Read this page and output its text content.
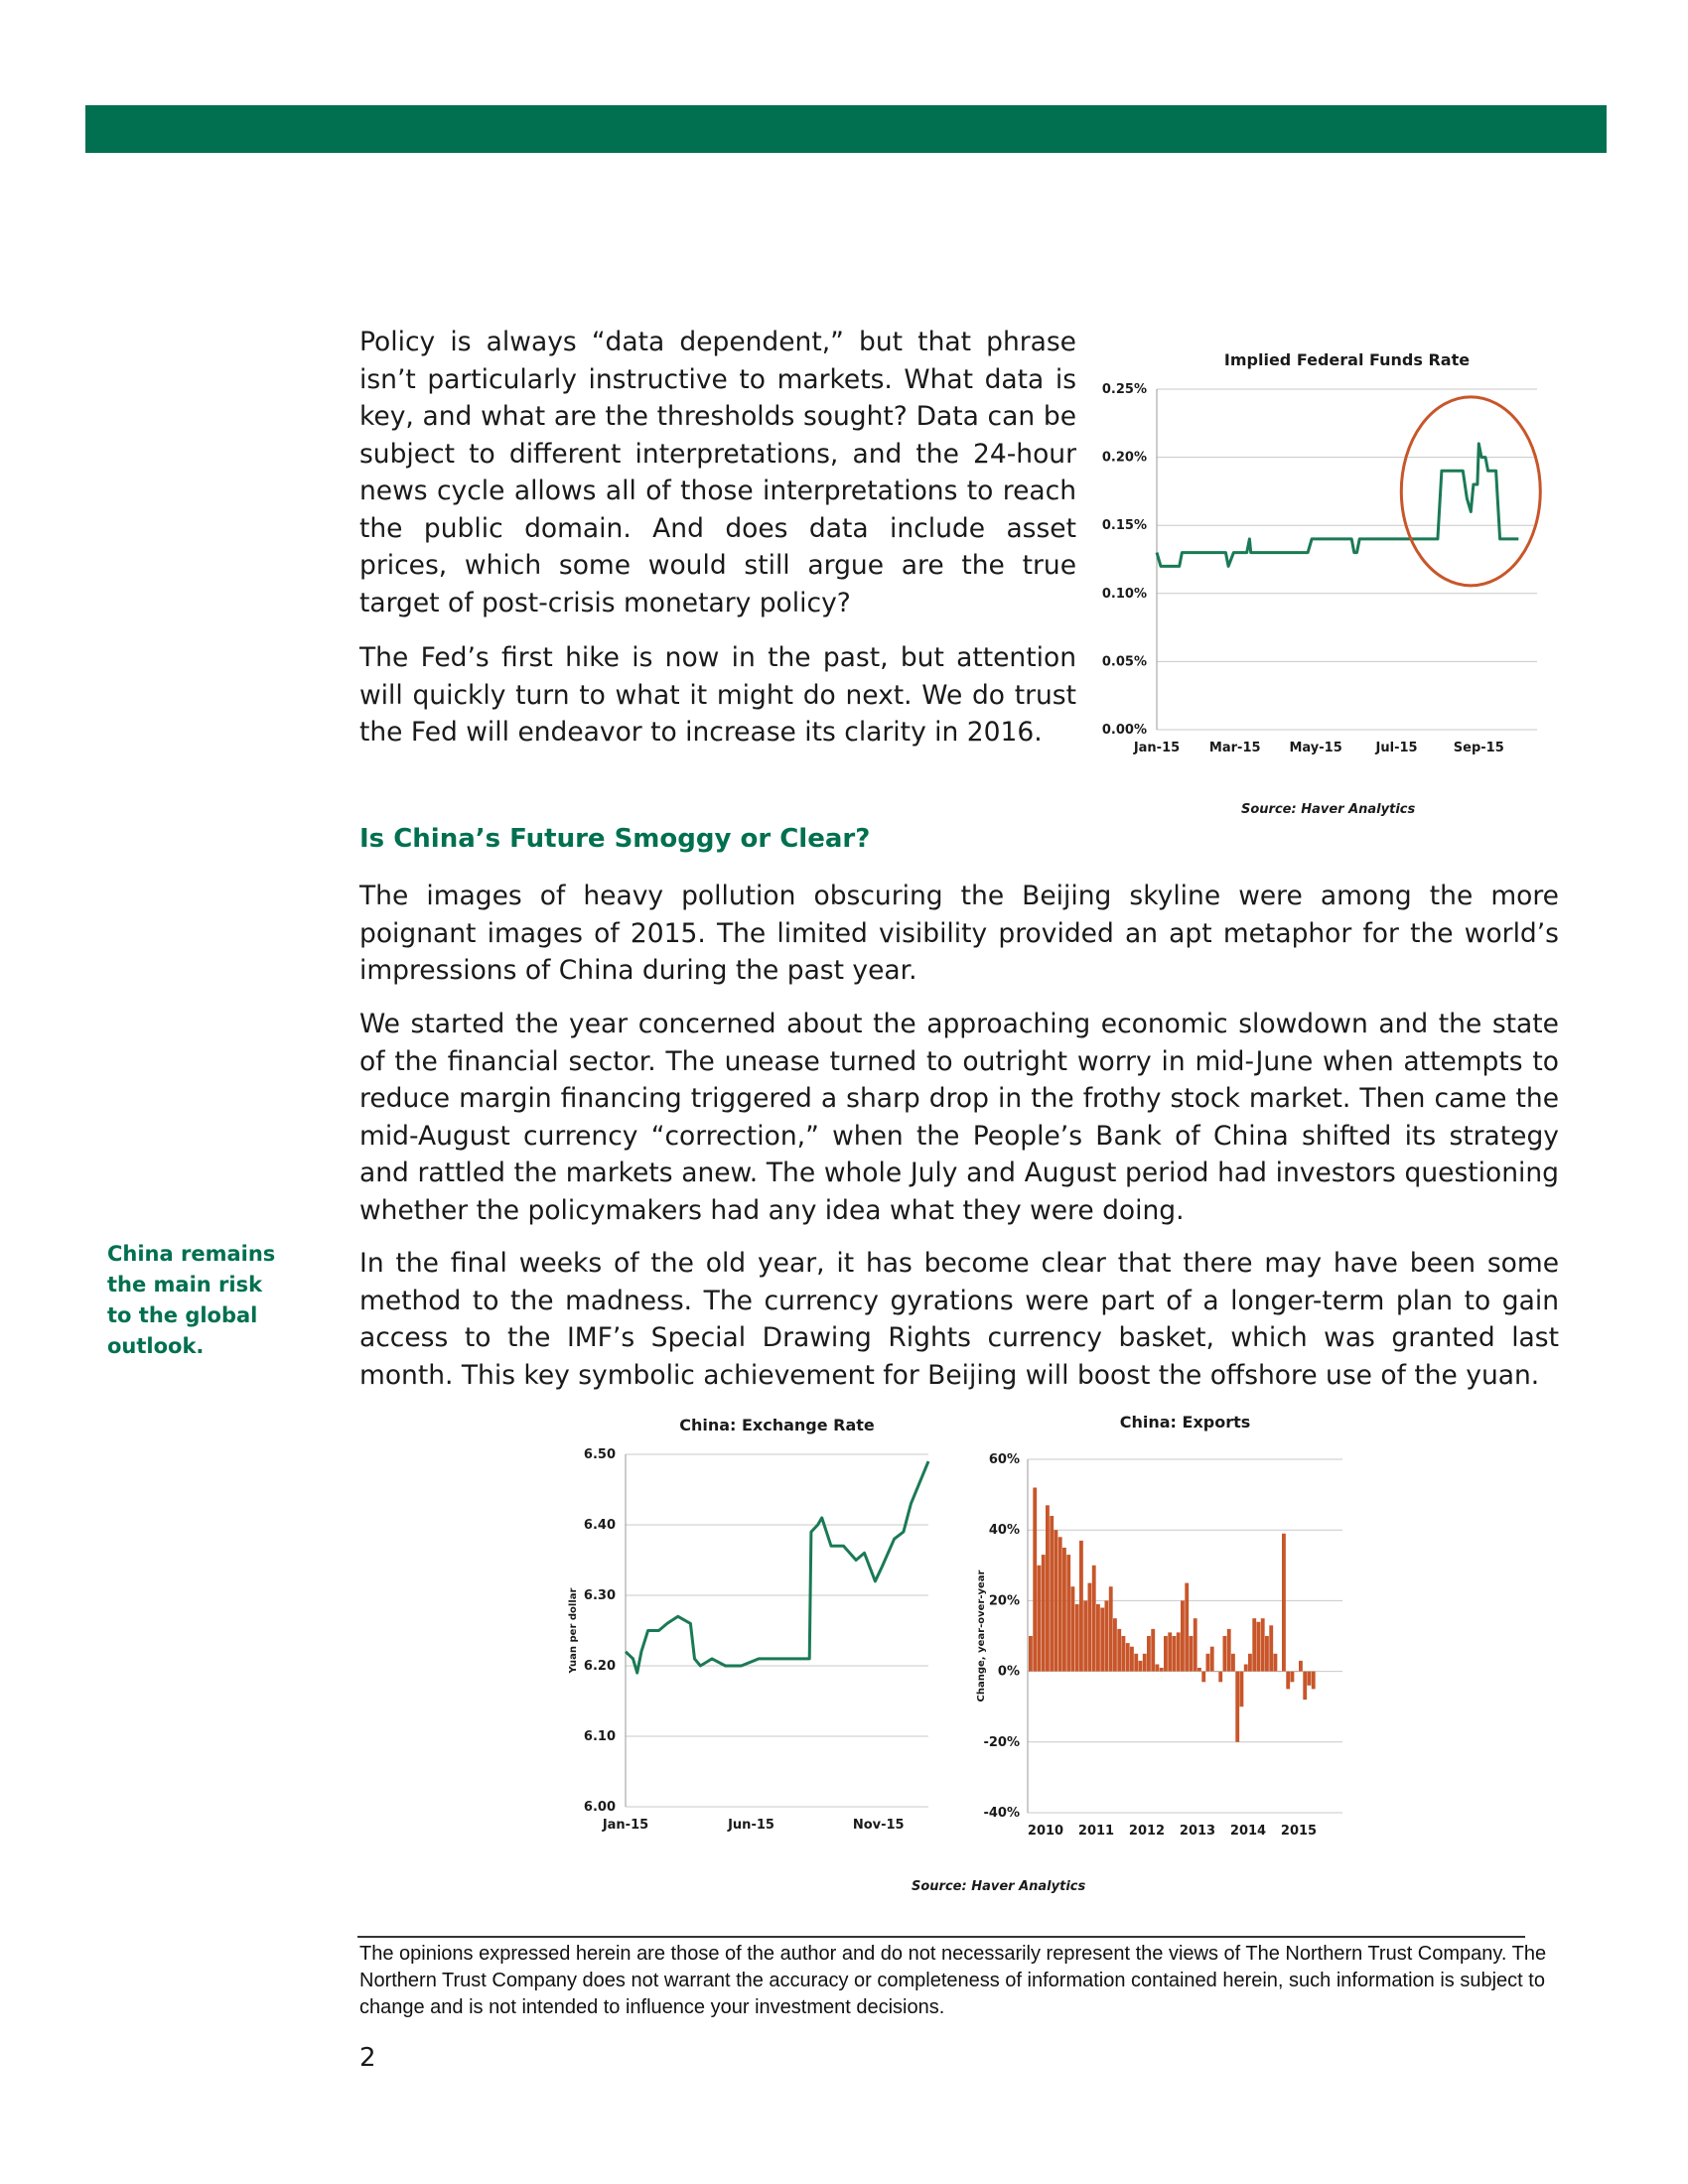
Policy is always “data dependent,” but that phrase isn’t particularly instructive to markets. What data is key, and what are the thresholds sought? Data can be subject to different interpretations, and the 24-hour news cycle allows all of those interpretations to reach the public domain. And does data include asset prices, which some would still argue are the true target of post-crisis monetary policy?

The Fed’s first hike is now in the past, but attention will quickly turn to what it might do next. We do trust the Fed will endeavor to increase its clarity in 2016.

Implied Federal Funds Rate
0.00%
0.05%
0.10%
0.15%
0.20%
0.25%
Jan-15 Mar-15 May-15	Jul-15	Sep-15

Source: Haver Analytics

Is China’s Future Smoggy or Clear?

The images of heavy pollution obscuring the Beijing skyline were among the more poignant images of 2015. The limited visibility provided an apt metaphor for the world’s impressions of China during the past year.

We started the year concerned about the approaching economic slowdown and the state of the financial sector. The unease turned to outright worry in mid-June when attempts to reduce margin financing triggered a sharp drop in the frothy stock market. Then came the mid-August currency “correction,” when the People’s Bank of China shifted its strategy and rattled the markets anew. The whole July and August period had investors questioning whether the policymakers had any idea what they were doing.

In the final weeks of the old year, it has become clear that there may have been some method to the madness. The currency gyrations were part of a longer-term plan to gain access to the IMF’s Special Drawing Rights currency basket, which was granted last month. This key symbolic achievement for Beijing will boost the offshore use of the yuan.

China remains the main risk to the global outlook.

China: Exchange Rate
6.00
6.10
6.20
6.30
6.40
6.50
Jan-15	Jun-15	Nov-15
Yuan per dollar
China: Exports
-40%
-20%
0%
20%
40%
60%
2010 2011 2012 2013 2014 2015
Change, year-over-year

Source: Haver Analytics

The opinions expressed herein are those of the author and do not necessarily represent the views of The Northern Trust Company. The Northern Trust Company does not warrant the accuracy or completeness of information contained herein, such information is subject to change and is not intended to influence your investment decisions.

2
